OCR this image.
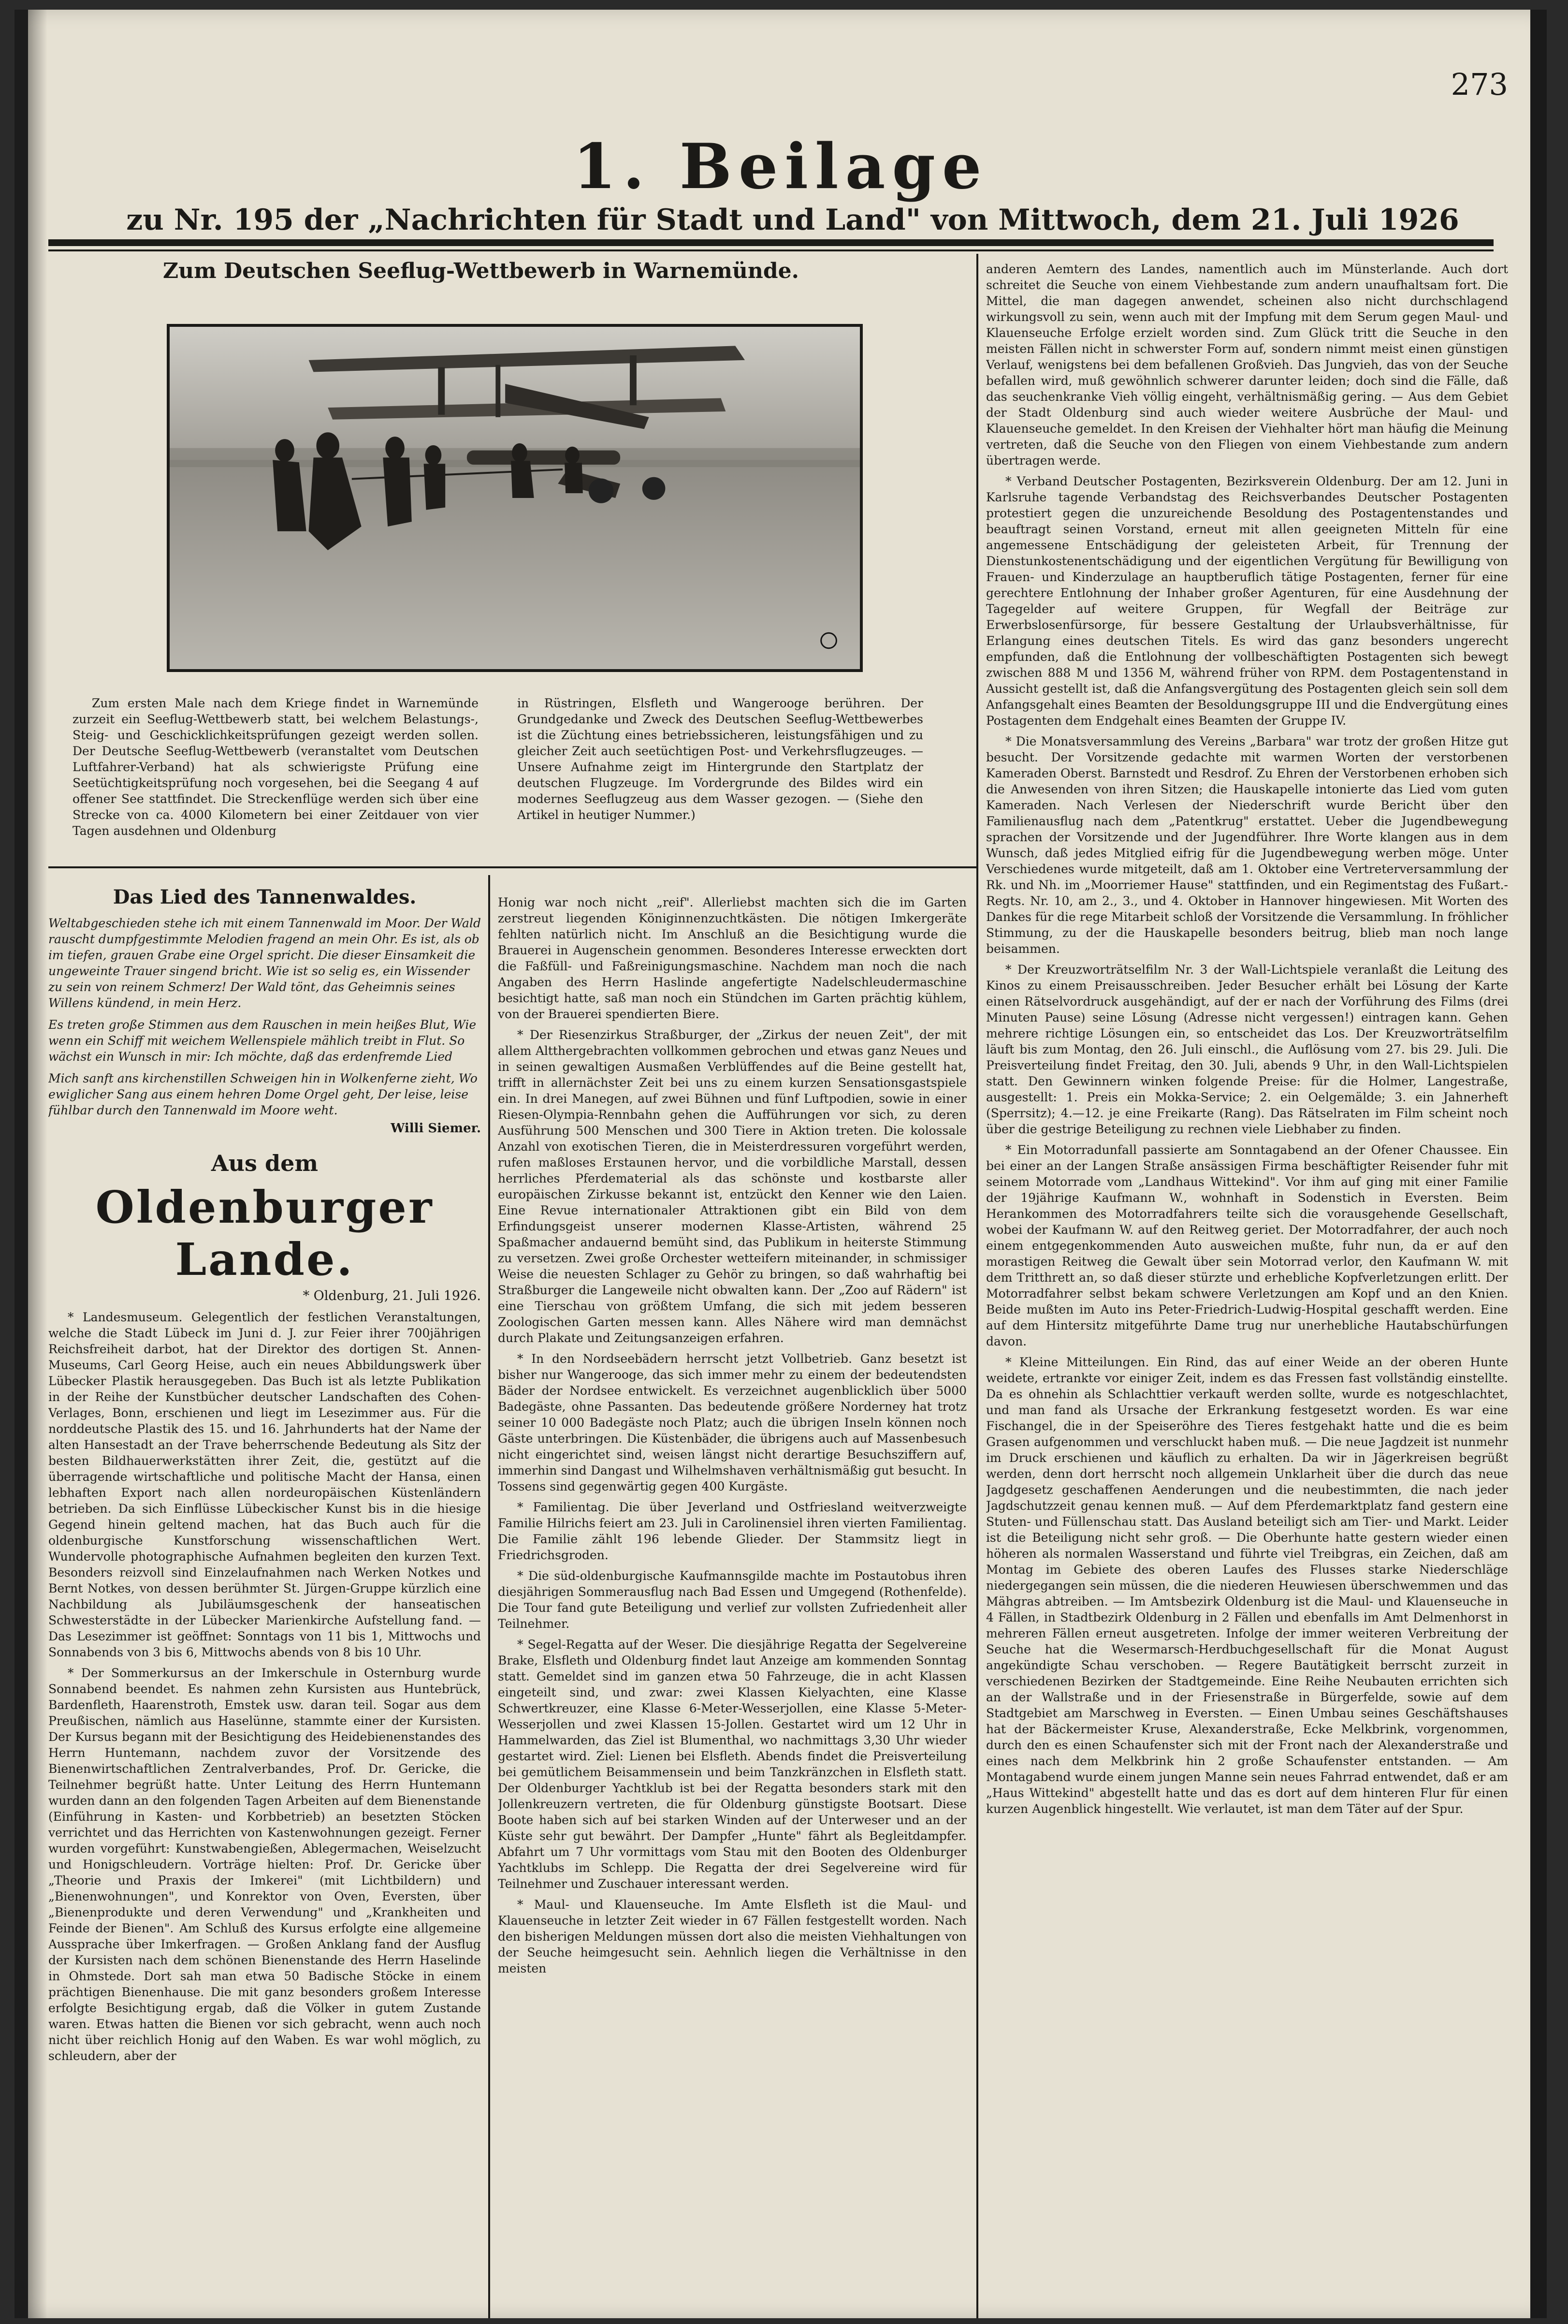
273
1. Beilage
zu Nr. 195 der „Nachrichten für Stadt und Land" von Mittwoch, dem 21. Juli 1926
Zum Deutschen Seeflug-Wettbewerb in Warnemünde.

Zum ersten Male nach dem Kriege findet in Warnemünde zurzeit ein Seeflug-Wettbewerb statt, bei welchem Belastungs-, Steig- und Geschicklichkeitsprüfungen gezeigt werden sollen. Der Deutsche Seeflug-Wettbewerb (veranstaltet vom Deutschen Luftfahrer-Verband) hat als schwierigste Prüfung eine Seetüchtigkeitsprüfung noch vorgesehen, bei die Seegang 4 auf offener See stattfindet. Die Streckenflüge werden sich über eine Strecke von ca. 4000 Kilometern bei einer Zeitdauer von vier Tagen ausdehnen und Oldenburg

in Rüstringen, Elsfleth und Wangerooge berühren. Der Grundgedanke und Zweck des Deutschen Seeflug-Wettbewerbes ist die Züchtung eines betriebssicheren, leistungsfähigen und zu gleicher Zeit auch seetüchtigen Post- und Verkehrsflugzeuges. — Unsere Aufnahme zeigt im Hintergrunde den Startplatz der deutschen Flugzeuge. Im Vordergrunde des Bildes wird ein modernes Seeflugzeug aus dem Wasser gezogen. — (Siehe den Artikel in heutiger Nummer.)

Das Lied des Tannenwaldes.

Weltabgeschieden stehe ich mit einem Tannenwald im Moor. Der Wald rauscht dumpfgestimmte Melodien fragend an mein Ohr. Es ist, als ob im tiefen, grauen Grabe eine Orgel spricht. Die dieser Einsamkeit die ungeweinte Trauer singend bricht. Wie ist so selig es, ein Wissender zu sein von reinem Schmerz! Der Wald tönt, das Geheimnis seines Willens kündend, in mein Herz.

Es treten große Stimmen aus dem Rauschen in mein heißes Blut, Wie wenn ein Schiff mit weichem Wellenspiele mählich treibt in Flut. So wächst ein Wunsch in mir: Ich möchte, daß das erdenfremde Lied

Mich sanft ans kirchenstillen Schweigen hin in Wolkenferne zieht, Wo ewiglicher Sang aus einem hehren Dome Orgel geht, Der leise, leise fühlbar durch den Tannenwald im Moore weht.

Willi Siemer.
Aus dem
Oldenburger Lande.
* Oldenburg, 21. Juli 1926.

* Landesmuseum. Gelegentlich der festlichen Veranstaltungen, welche die Stadt Lübeck im Juni d. J. zur Feier ihrer 700jährigen Reichsfreiheit darbot, hat der Direktor des dortigen St. Annen-Museums, Carl Georg Heise, auch ein neues Abbildungswerk über Lübecker Plastik herausgegeben. Das Buch ist als letzte Publikation in der Reihe der Kunstbücher deutscher Landschaften des Cohen-Verlages, Bonn, erschienen und liegt im Lesezimmer aus. Für die norddeutsche Plastik des 15. und 16. Jahrhunderts hat der Name der alten Hansestadt an der Trave beherrschende Bedeutung als Sitz der besten Bildhauerwerkstätten ihrer Zeit, die, gestützt auf die überragende wirtschaftliche und politische Macht der Hansa, einen lebhaften Export nach allen nordeuropäischen Küstenländern betrieben. Da sich Einflüsse Lübeckischer Kunst bis in die hiesige Gegend hinein geltend machen, hat das Buch auch für die oldenburgische Kunstforschung wissenschaftlichen Wert. Wundervolle photographische Aufnahmen begleiten den kurzen Text. Besonders reizvoll sind Einzelaufnahmen nach Werken Notkes und Bernt Notkes, von dessen berühmter St. Jürgen-Gruppe kürzlich eine Nachbildung als Jubiläumsgeschenk der hanseatischen Schwesterstädte in der Lübecker Marienkirche Aufstellung fand. — Das Lesezimmer ist geöffnet: Sonntags von 11 bis 1, Mittwochs und Sonnabends von 3 bis 6, Mittwochs abends von 8 bis 10 Uhr.

* Der Sommerkursus an der Imkerschule in Osternburg wurde Sonnabend beendet. Es nahmen zehn Kursisten aus Huntebrück, Bardenfleth, Haarenstroth, Emstek usw. daran teil. Sogar aus dem Preußischen, nämlich aus Haselünne, stammte einer der Kursisten. Der Kursus begann mit der Besichtigung des Heidebienenstandes des Herrn Huntemann, nachdem zuvor der Vorsitzende des Bienenwirtschaftlichen Zentralverbandes, Prof. Dr. Gericke, die Teilnehmer begrüßt hatte. Unter Leitung des Herrn Huntemann wurden dann an den folgenden Tagen Arbeiten auf dem Bienenstande (Einführung in Kasten- und Korbbetrieb) an besetzten Stöcken verrichtet und das Herrichten von Kastenwohnungen gezeigt. Ferner wurden vorgeführt: Kunstwabengießen, Ablegermachen, Weiselzucht und Honigschleudern. Vorträge hielten: Prof. Dr. Gericke über „Theorie und Praxis der Imkerei" (mit Lichtbildern) und „Bienenwohnungen", und Konrektor von Oven, Eversten, über „Bienenprodukte und deren Verwendung" und „Krankheiten und Feinde der Bienen". Am Schluß des Kursus erfolgte eine allgemeine Aussprache über Imkerfragen. — Großen Anklang fand der Ausflug der Kursisten nach dem schönen Bienenstande des Herrn Haselinde in Ohmstede. Dort sah man etwa 50 Badische Stöcke in einem prächtigen Bienenhause. Die mit ganz besonders großem Interesse erfolgte Besichtigung ergab, daß die Völker in gutem Zustande waren. Etwas hatten die Bienen vor sich gebracht, wenn auch noch nicht über reichlich Honig auf den Waben. Es war wohl möglich, zu schleudern, aber der

Honig war noch nicht „reif". Allerliebst machten sich die im Garten zerstreut liegenden Königinnenzuchtkästen. Die nötigen Imkergeräte fehlten natürlich nicht. Im Anschluß an die Besichtigung wurde die Brauerei in Augenschein genommen. Besonderes Interesse erweckten dort die Faßfüll- und Faßreinigungsmaschine. Nachdem man noch die nach Angaben des Herrn Haslinde angefertigte Nadelschleudermaschine besichtigt hatte, saß man noch ein Stündchen im Garten prächtig kühlem, von der Brauerei spendierten Biere.

* Der Riesenzirkus Straßburger, der „Zirkus der neuen Zeit", der mit allem Altthergebrachten vollkommen gebrochen und etwas ganz Neues und in seinen gewaltigen Ausmaßen Verblüffendes auf die Beine gestellt hat, trifft in allernächster Zeit bei uns zu einem kurzen Sensationsgastspiele ein. In drei Manegen, auf zwei Bühnen und fünf Luftpodien, sowie in einer Riesen-Olympia-Rennbahn gehen die Aufführungen vor sich, zu deren Ausführung 500 Menschen und 300 Tiere in Aktion treten. Die kolossale Anzahl von exotischen Tieren, die in Meisterdressuren vorgeführt werden, rufen maßloses Erstaunen hervor, und die vorbildliche Marstall, dessen herrliches Pferdematerial als das schönste und kostbarste aller europäischen Zirkusse bekannt ist, entzückt den Kenner wie den Laien. Eine Revue internationaler Attraktionen gibt ein Bild von dem Erfindungsgeist unserer modernen Klasse-Artisten, während 25 Spaßmacher andauernd bemüht sind, das Publikum in heiterste Stimmung zu versetzen. Zwei große Orchester wetteifern miteinander, in schmissiger Weise die neuesten Schlager zu Gehör zu bringen, so daß wahrhaftig bei Straßburger die Langeweile nicht obwalten kann. Der „Zoo auf Rädern" ist eine Tierschau von größtem Umfang, die sich mit jedem besseren Zoologischen Garten messen kann. Alles Nähere wird man demnächst durch Plakate und Zeitungsanzeigen erfahren.

* In den Nordseebädern herrscht jetzt Vollbetrieb. Ganz besetzt ist bisher nur Wangerooge, das sich immer mehr zu einem der bedeutendsten Bäder der Nordsee entwickelt. Es verzeichnet augenblicklich über 5000 Badegäste, ohne Passanten. Das bedeutende größere Norderney hat trotz seiner 10 000 Badegäste noch Platz; auch die übrigen Inseln können noch Gäste unterbringen. Die Küstenbäder, die übrigens auch auf Massenbesuch nicht eingerichtet sind, weisen längst nicht derartige Besuchsziffern auf, immerhin sind Dangast und Wilhelmshaven verhältnismäßig gut besucht. In Tossens sind gegenwärtig gegen 400 Kurgäste.

* Familientag. Die über Jeverland und Ostfriesland weitverzweigte Familie Hilrichs feiert am 23. Juli in Carolinensiel ihren vierten Familientag. Die Familie zählt 196 lebende Glieder. Der Stammsitz liegt in Friedrichsgroden.

* Die süd-oldenburgische Kaufmannsgilde machte im Postautobus ihren diesjährigen Sommerausflug nach Bad Essen und Umgegend (Rothenfelde). Die Tour fand gute Beteiligung und verlief zur vollsten Zufriedenheit aller Teilnehmer.

* Segel-Regatta auf der Weser. Die diesjährige Regatta der Segelvereine Brake, Elsfleth und Oldenburg findet laut Anzeige am kommenden Sonntag statt. Gemeldet sind im ganzen etwa 50 Fahrzeuge, die in acht Klassen eingeteilt sind, und zwar: zwei Klassen Kielyachten, eine Klasse Schwertkreuzer, eine Klasse 6-Meter-Wesserjollen, eine Klasse 5-Meter-Wesserjollen und zwei Klassen 15-Jollen. Gestartet wird um 12 Uhr in Hammelwarden, das Ziel ist Blumenthal, wo nachmittags 3,30 Uhr wieder gestartet wird. Ziel: Lienen bei Elsfleth. Abends findet die Preisverteilung bei gemütlichem Beisammensein und beim Tanzkränzchen in Elsfleth statt. Der Oldenburger Yachtklub ist bei der Regatta besonders stark mit den Jollenkreuzern vertreten, die für Oldenburg günstigste Bootsart. Diese Boote haben sich auf bei starken Winden auf der Unterweser und an der Küste sehr gut bewährt. Der Dampfer „Hunte" fährt als Begleitdampfer. Abfahrt um 7 Uhr vormittags vom Stau mit den Booten des Oldenburger Yachtklubs im Schlepp. Die Regatta der drei Segelvereine wird für Teilnehmer und Zuschauer interessant werden.

* Maul- und Klauenseuche. Im Amte Elsfleth ist die Maul- und Klauenseuche in letzter Zeit wieder in 67 Fällen festgestellt worden. Nach den bisherigen Meldungen müssen dort also die meisten Viehhaltungen von der Seuche heimgesucht sein. Aehnlich liegen die Verhältnisse in den meisten

anderen Aemtern des Landes, namentlich auch im Münsterlande. Auch dort schreitet die Seuche von einem Viehbestande zum andern unaufhaltsam fort. Die Mittel, die man dagegen anwendet, scheinen also nicht durchschlagend wirkungsvoll zu sein, wenn auch mit der Impfung mit dem Serum gegen Maul- und Klauenseuche Erfolge erzielt worden sind. Zum Glück tritt die Seuche in den meisten Fällen nicht in schwerster Form auf, sondern nimmt meist einen günstigen Verlauf, wenigstens bei dem befallenen Großvieh. Das Jungvieh, das von der Seuche befallen wird, muß gewöhnlich schwerer darunter leiden; doch sind die Fälle, daß das seuchenkranke Vieh völlig eingeht, verhältnismäßig gering. — Aus dem Gebiet der Stadt Oldenburg sind auch wieder weitere Ausbrüche der Maul- und Klauenseuche gemeldet. In den Kreisen der Viehhalter hört man häufig die Meinung vertreten, daß die Seuche von den Fliegen von einem Viehbestande zum andern übertragen werde.

* Verband Deutscher Postagenten, Bezirksverein Oldenburg. Der am 12. Juni in Karlsruhe tagende Verbandstag des Reichsverbandes Deutscher Postagenten protestiert gegen die unzureichende Besoldung des Postagentenstandes und beauftragt seinen Vorstand, erneut mit allen geeigneten Mitteln für eine angemessene Entschädigung der geleisteten Arbeit, für Trennung der Dienstunkostenentschädigung und der eigentlichen Vergütung für Bewilligung von Frauen- und Kinderzulage an hauptberuflich tätige Postagenten, ferner für eine gerechtere Entlohnung der Inhaber großer Agenturen, für eine Ausdehnung der Tagegelder auf weitere Gruppen, für Wegfall der Beiträge zur Erwerbslosenfürsorge, für bessere Gestaltung der Urlaubsverhältnisse, für Erlangung eines deutschen Titels. Es wird das ganz besonders ungerecht empfunden, daß die Entlohnung der vollbeschäftigten Postagenten sich bewegt zwischen 888 M und 1356 M, während früher von RPM. dem Postagentenstand in Aussicht gestellt ist, daß die Anfangsvergütung des Postagenten gleich sein soll dem Anfangsgehalt eines Beamten der Besoldungsgruppe III und die Endvergütung eines Postagenten dem Endgehalt eines Beamten der Gruppe IV.

* Die Monatsversammlung des Vereins „Barbara" war trotz der großen Hitze gut besucht. Der Vorsitzende gedachte mit warmen Worten der verstorbenen Kameraden Oberst. Barnstedt und Resdrof. Zu Ehren der Verstorbenen erhoben sich die Anwesenden von ihren Sitzen; die Hauskapelle intonierte das Lied vom guten Kameraden. Nach Verlesen der Niederschrift wurde Bericht über den Familienausflug nach dem „Patentkrug" erstattet. Ueber die Jugendbewegung sprachen der Vorsitzende und der Jugendführer. Ihre Worte klangen aus in dem Wunsch, daß jedes Mitglied eifrig für die Jugendbewegung werben möge. Unter Verschiedenes wurde mitgeteilt, daß am 1. Oktober eine Vertreterversammlung der Rk. und Nh. im „Moorriemer Hause" stattfinden, und ein Regimentstag des Fußart.-Regts. Nr. 10, am 2., 3., und 4. Oktober in Hannover hingewiesen. Mit Worten des Dankes für die rege Mitarbeit schloß der Vorsitzende die Versammlung. In fröhlicher Stimmung, zu der die Hauskapelle besonders beitrug, blieb man noch lange beisammen.

* Der Kreuzworträtselfilm Nr. 3 der Wall-Lichtspiele veranlaßt die Leitung des Kinos zu einem Preisausschreiben. Jeder Besucher erhält bei Lösung der Karte einen Rätselvordruck ausgehändigt, auf der er nach der Vorführung des Films (drei Minuten Pause) seine Lösung (Adresse nicht vergessen!) eintragen kann. Gehen mehrere richtige Lösungen ein, so entscheidet das Los. Der Kreuzworträtselfilm läuft bis zum Montag, den 26. Juli einschl., die Auflösung vom 27. bis 29. Juli. Die Preisverteilung findet Freitag, den 30. Juli, abends 9 Uhr, in den Wall-Lichtspielen statt. Den Gewinnern winken folgende Preise: für die Holmer, Langestraße, ausgestellt: 1. Preis ein Mokka-Service; 2. ein Oelgemälde; 3. ein Jahnerheft (Sperrsitz); 4.—12. je eine Freikarte (Rang). Das Rätselraten im Film scheint noch über die gestrige Beteiligung zu rechnen viele Liebhaber zu finden.

* Ein Motorradunfall passierte am Sonntagabend an der Ofener Chaussee. Ein bei einer an der Langen Straße ansässigen Firma beschäftigter Reisender fuhr mit seinem Motorrade vom „Landhaus Wittekind". Vor ihm auf ging mit einer Familie der 19jährige Kaufmann W., wohnhaft in Sodenstich in Eversten. Beim Herankommen des Motorradfahrers teilte sich die vorausgehende Gesellschaft, wobei der Kaufmann W. auf den Reitweg geriet. Der Motorradfahrer, der auch noch einem entgegenkommenden Auto ausweichen mußte, fuhr nun, da er auf den morastigen Reitweg die Gewalt über sein Motorrad verlor, den Kaufmann W. mit dem Tritthrett an, so daß dieser stürzte und erhebliche Kopfverletzungen erlitt. Der Motorradfahrer selbst bekam schwere Verletzungen am Kopf und an den Knien. Beide mußten im Auto ins Peter-Friedrich-Ludwig-Hospital geschafft werden. Eine auf dem Hintersitz mitgeführte Dame trug nur unerhebliche Hautabschürfungen davon.

* Kleine Mitteilungen. Ein Rind, das auf einer Weide an der oberen Hunte weidete, ertrankte vor einiger Zeit, indem es das Fressen fast vollständig einstellte. Da es ohnehin als Schlachttier verkauft werden sollte, wurde es notgeschlachtet, und man fand als Ursache der Erkrankung festgesetzt worden. Es war eine Fischangel, die in der Speiseröhre des Tieres festgehakt hatte und die es beim Grasen aufgenommen und verschluckt haben muß. — Die neue Jagdzeit ist nunmehr im Druck erschienen und käuflich zu erhalten. Da wir in Jägerkreisen begrüßt werden, denn dort herrscht noch allgemein Unklarheit über die durch das neue Jagdgesetz geschaffenen Aenderungen und die neubestimmten, die nach jeder Jagdschutzzeit genau kennen muß. — Auf dem Pferdemarktplatz fand gestern eine Stuten- und Füllenschau statt. Das Ausland beteiligt sich am Tier- und Markt. Leider ist die Beteiligung nicht sehr groß. — Die Oberhunte hatte gestern wieder einen höheren als normalen Wasserstand und führte viel Treibgras, ein Zeichen, daß am Montag im Gebiete des oberen Laufes des Flusses starke Niederschläge niedergegangen sein müssen, die die niederen Heuwiesen überschwemmen und das Mähgras abtreiben. — Im Amtsbezirk Oldenburg ist die Maul- und Klauenseuche in 4 Fällen, in Stadtbezirk Oldenburg in 2 Fällen und ebenfalls im Amt Delmenhorst in mehreren Fällen erneut ausgetreten. Infolge der immer weiteren Verbreitung der Seuche hat die Wesermarsch-Herdbuchgesellschaft für die Monat August angekündigte Schau verschoben. — Regere Bautätigkeit berrscht zurzeit in verschiedenen Bezirken der Stadtgemeinde. Eine Reihe Neubauten errichten sich an der Wallstraße und in der Friesenstraße in Bürgerfelde, sowie auf dem Stadtgebiet am Marschweg in Eversten. — Einen Umbau seines Geschäftshauses hat der Bäckermeister Kruse, Alexanderstraße, Ecke Melkbrink, vorgenommen, durch den es einen Schaufenster sich mit der Front nach der Alexanderstraße und eines nach dem Melkbrink hin 2 große Schaufenster entstanden. — Am Montagabend wurde einem jungen Manne sein neues Fahrrad entwendet, daß er am „Haus Wittekind" abgestellt hatte und das es dort auf dem hinteren Flur für einen kurzen Augenblick hingestellt. Wie verlautet, ist man dem Täter auf der Spur.
